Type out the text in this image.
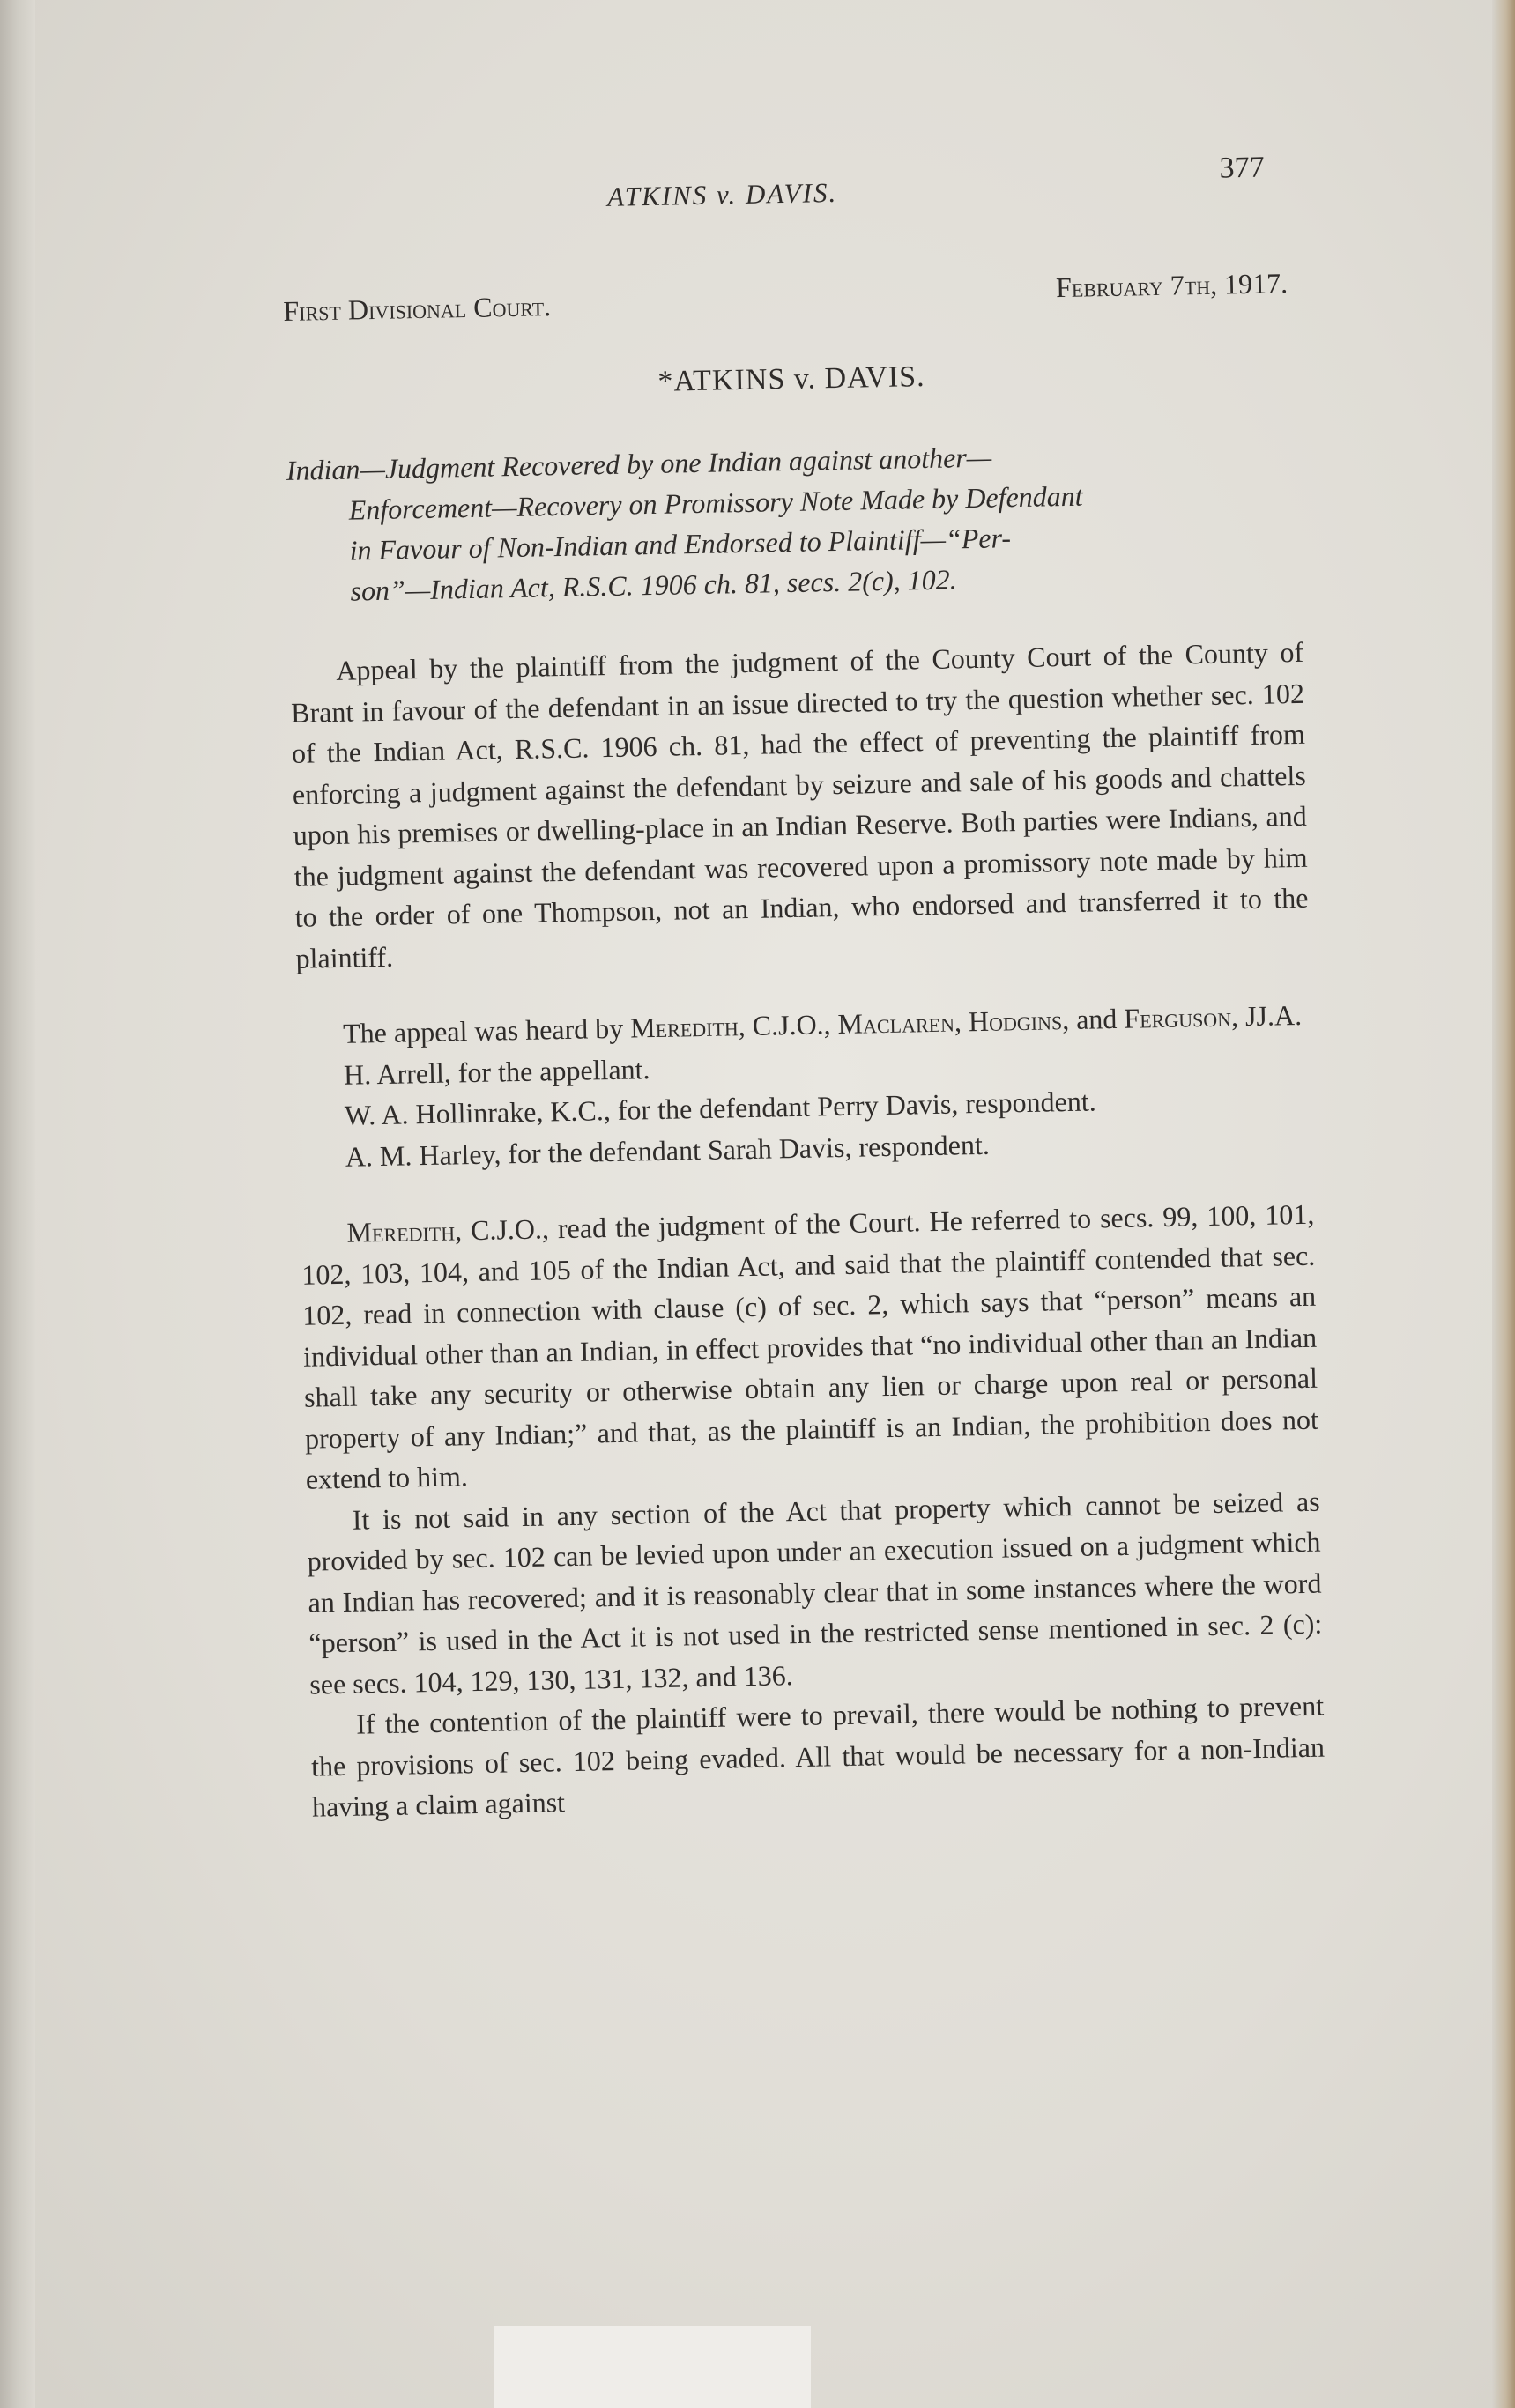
ATKINS v. DAVIS.
377
First Divisional Court.
February 7th, 1917.
*ATKINS v. DAVIS.

Indian—Judgment Recovered by one Indian against another—

Enforcement—Recovery on Promissory Note Made by Defendant

in Favour of Non-Indian and Endorsed to Plaintiff—“Per-

son”—Indian Act, R.S.C. 1906 ch. 81, secs. 2(c), 102.

Appeal by the plaintiff from the judgment of the County Court of the County of Brant in favour of the defendant in an issue directed to try the question whether sec. 102 of the Indian Act, R.S.C. 1906 ch. 81, had the effect of preventing the plaintiff from enforcing a judgment against the defendant by seizure and sale of his goods and chattels upon his premises or dwelling-place in an Indian Reserve. Both parties were Indians, and the judgment against the defendant was recovered upon a promissory note made by him to the order of one Thompson, not an Indian, who endorsed and transferred it to the plaintiff.

The appeal was heard by Meredith, C.J.O., Maclaren, Hodgins, and Ferguson, JJ.A.

H. Arrell, for the appellant.

W. A. Hollinrake, K.C., for the defendant Perry Davis, respondent.

A. M. Harley, for the defendant Sarah Davis, respondent.

Meredith, C.J.O., read the judgment of the Court. He referred to secs. 99, 100, 101, 102, 103, 104, and 105 of the Indian Act, and said that the plaintiff contended that sec. 102, read in connection with clause (c) of sec. 2, which says that “person” means an individual other than an Indian, in effect provides that “no individual other than an Indian shall take any security or otherwise obtain any lien or charge upon real or personal property of any Indian;” and that, as the plaintiff is an Indian, the prohibition does not extend to him.

It is not said in any section of the Act that property which cannot be seized as provided by sec. 102 can be levied upon under an execution issued on a judgment which an Indian has recovered; and it is reasonably clear that in some instances where the word “person” is used in the Act it is not used in the restricted sense mentioned in sec. 2 (c): see secs. 104, 129, 130, 131, 132, and 136.

If the contention of the plaintiff were to prevail, there would be nothing to prevent the provisions of sec. 102 being evaded. All that would be necessary for a non-Indian having a claim against
